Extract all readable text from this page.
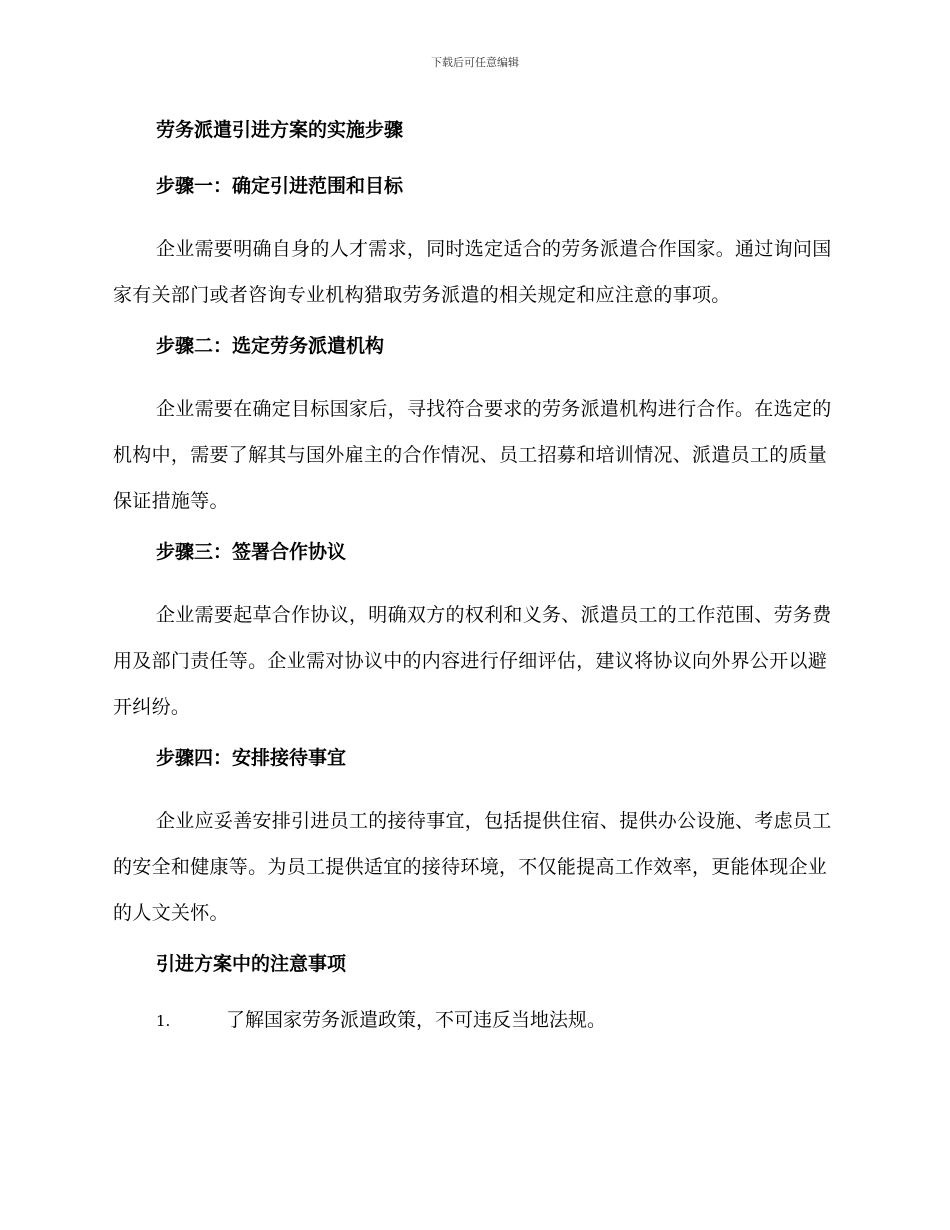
下载后可任意编辑
劳务派遣引进方案的实施步骤
步骤一：确定引进范围和目标

企业需要明确自身的人才需求，同时选定适合的劳务派遣合作国家。通过询问国家有关部门或者咨询专业机构猎取劳务派遣的相关规定和应注意的事项。

步骤二：选定劳务派遣机构

企业需要在确定目标国家后，寻找符合要求的劳务派遣机构进行合作。在选定的机构中，需要了解其与国外雇主的合作情况、员工招募和培训情况、派遣员工的质量保证措施等。

步骤三：签署合作协议

企业需要起草合作协议，明确双方的权利和义务、派遣员工的工作范围、劳务费用及部门责任等。企业需对协议中的内容进行仔细评估，建议将协议向外界公开以避开纠纷。

步骤四：安排接待事宜

企业应妥善安排引进员工的接待事宜，包括提供住宿、提供办公设施、考虑员工的安全和健康等。为员工提供适宜的接待环境，不仅能提高工作效率，更能体现企业的人文关怀。

引进方案中的注意事项
1.	了解国家劳务派遣政策，不可违反当地法规。
